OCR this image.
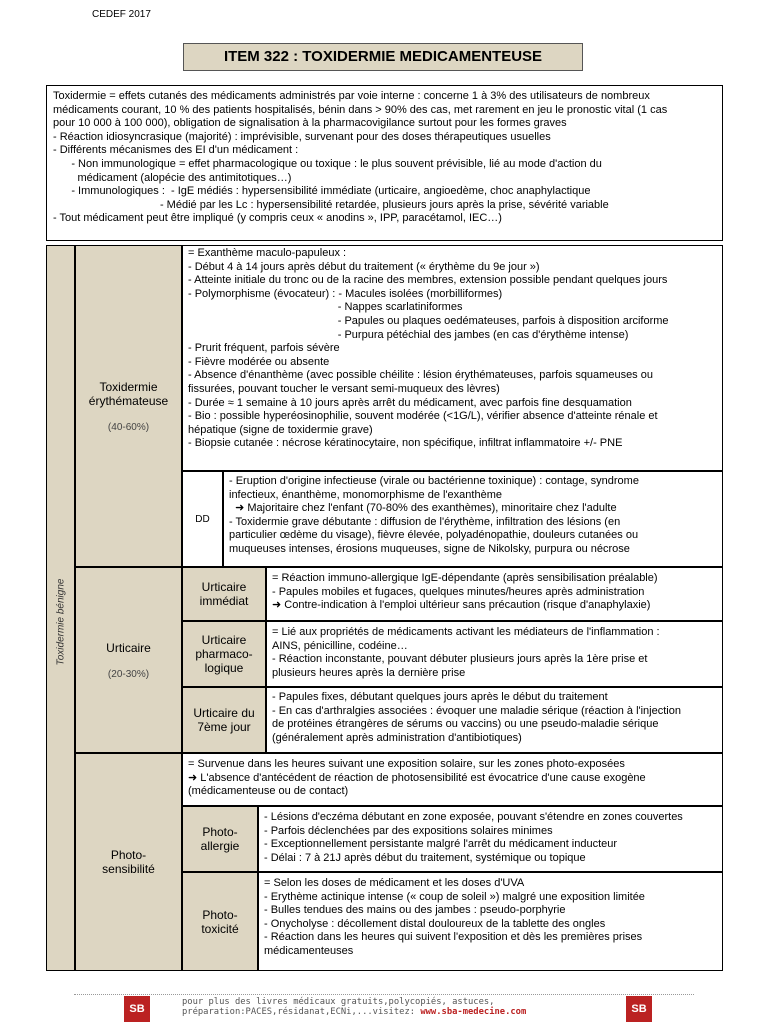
CEDEF 2017
ITEM 322 : TOXIDERMIE MEDICAMENTEUSE

Toxidermie = effets cutanés des médicaments administrés par voie interne : concerne 1 à 3% des utilisateurs de nombreux

médicaments courant, 10 % des patients hospitalisés, bénin dans > 90% des cas, met rarement en jeu le pronostic vital (1 cas

pour 10 000 à 100 000), obligation de signalisation à la pharmacovigilance surtout pour les formes graves

- Réaction idiosyncrasique (majorité) : imprévisible, survenant pour des doses thérapeutiques usuelles

- Différents mécanismes des EI d'un médicament :

- Non immunologique = effet pharmacologique ou toxique : le plus souvent prévisible, lié au mode d'action du

médicament (alopécie des antimitotiques…)

- Immunologiques :  - IgE médiés : hypersensibilité immédiate (urticaire, angioedème, choc anaphylactique

- Médié par les Lc : hypersensibilité retardée, plusieurs jours après la prise, sévérité variable

- Tout médicament peut être impliqué (y compris ceux « anodins », IPP, paracétamol, IEC…)

Toxidermie bénigne
Toxidermie érythémateuse
(40-60%)

= Exanthème maculo-papuleux :

- Début 4 à 14 jours après début du traitement (« érythème du 9e jour »)

- Atteinte initiale du tronc ou de la racine des membres, extension possible pendant quelques jours

- Polymorphisme (évocateur) : - Macules isolées (morbilliformes)

- Nappes scarlatiniformes

- Papules ou plaques oedémateuses, parfois à disposition arciforme

- Purpura pétéchial des jambes (en cas d'érythème intense)

- Prurit fréquent, parfois sévère

- Fièvre modérée ou absente

- Absence d'énanthème (avec possible chéilite : lésion érythémateuses, parfois squameuses ou

fissurées, pouvant toucher le versant semi-muqueux des lèvres)

- Durée ≈ 1 semaine à 10 jours après arrêt du médicament, avec parfois fine desquamation

- Bio : possible hyperéosinophilie, souvent modérée (<1G/L), vérifier absence d'atteinte rénale et

hépatique (signe de toxidermie grave)

- Biopsie cutanée : nécrose kératinocytaire, non spécifique, infiltrat inflammatoire +/- PNE

DD

- Eruption d'origine infectieuse (virale ou bactérienne toxinique) : contage, syndrome

infectieux, énanthème, monomorphisme de l'exanthème

➜ Majoritaire chez l'enfant (70-80% des exanthèmes), minoritaire chez l'adulte

- Toxidermie grave débutante : diffusion de l'érythème, infiltration des lésions (en

particulier œdème du visage), fièvre élevée, polyadénopathie, douleurs cutanées ou

muqueuses intenses, érosions muqueuses, signe de Nikolsky, purpura ou nécrose

Urticaire
(20-30%)
Urticaire immédiat

= Réaction immuno-allergique IgE-dépendante (après sensibilisation préalable)

- Papules mobiles et fugaces, quelques minutes/heures après administration

➜ Contre-indication à l'emploi ultérieur sans précaution (risque d'anaphylaxie)

Urticaire pharmaco-logique

= Lié aux propriétés de médicaments activant les médiateurs de l'inflammation :

AINS, pénicilline, codéine…

- Réaction inconstante, pouvant débuter plusieurs jours après la 1ère prise et

plusieurs heures après la dernière prise

Urticaire du 7ème jour

- Papules fixes, débutant quelques jours après le début du traitement

- En cas d'arthralgies associées : évoquer une maladie sérique (réaction à l'injection

de protéines étrangères de sérums ou vaccins) ou une pseudo-maladie sérique

(généralement après administration d'antibiotiques)

Photo-sensibilité

= Survenue dans les heures suivant une exposition solaire, sur les zones photo-exposées

➜ L'absence d'antécédent de réaction de photosensibilité est évocatrice d'une cause exogène

(médicamenteuse ou de contact)

Photo-allergie

- Lésions d'eczéma débutant en zone exposée, pouvant s'étendre en zones couvertes

- Parfois déclenchées par des expositions solaires minimes

- Exceptionnellement persistante malgré l'arrêt du médicament inducteur

- Délai : 7 à 21J après début du traitement, systémique ou topique

Photo-toxicité

= Selon les doses de médicament et les doses d'UVA

- Erythème actinique intense (« coup de soleil ») malgré une exposition limitée

- Bulles tendues des mains ou des jambes : pseudo-porphyrie

- Onycholyse : décollement distal douloureux de la tablette des ongles

- Réaction dans les heures qui suivent l'exposition et dès les premières prises

médicamenteuses

SB	SB
pour plus des livres médicaux gratuits,polycopiés, astuces,
préparation:PACES,résidanat,ECNi,...visitez: www.sba-medecine.com
